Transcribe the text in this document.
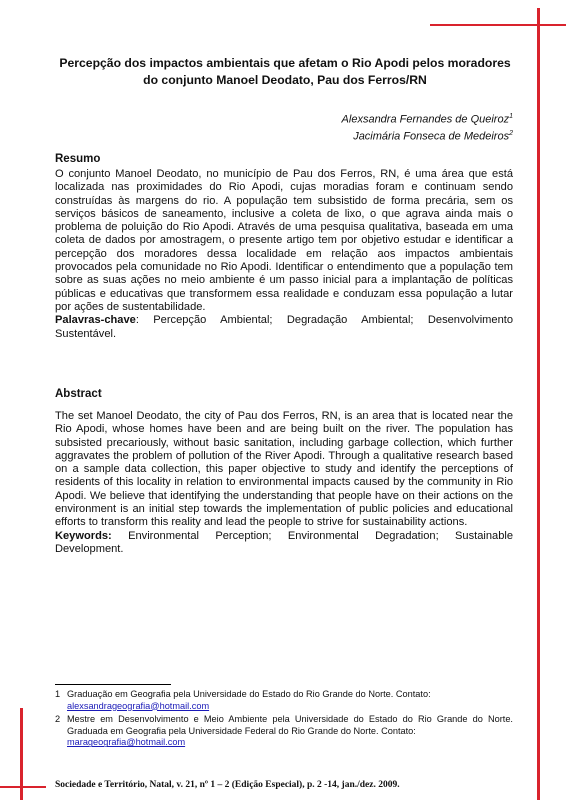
Percepção dos impactos ambientais que afetam o Rio Apodi pelos moradores do conjunto Manoel Deodato, Pau dos Ferros/RN
Alexsandra Fernandes de Queiroz$^1$
Jacimária Fonseca de Medeiros$^2$
Resumo
O conjunto Manoel Deodato, no município de Pau dos Ferros, RN, é uma área que está localizada nas proximidades do Rio Apodi, cujas moradias foram e continuam sendo construídas às margens do rio. A população tem subsistido de forma precária, sem os serviços básicos de saneamento, inclusive a coleta de lixo, o que agrava ainda mais o problema de poluição do Rio Apodi. Através de uma pesquisa qualitativa, baseada em uma coleta de dados por amostragem, o presente artigo tem por objetivo estudar e identificar a percepção dos moradores dessa localidade em relação aos impactos ambientais provocados pela comunidade no Rio Apodi. Identificar o entendimento que a população tem sobre as suas ações no meio ambiente é um passo inicial para a implantação de políticas públicas e educativas que transformem essa realidade e conduzam essa população a lutar por ações de sustentabilidade.
Palavras-chave: Percepção Ambiental; Degradação Ambiental; Desenvolvimento Sustentável.
Abstract
The set Manoel Deodato, the city of Pau dos Ferros, RN, is an area that is located near the Rio Apodi, whose homes have been and are being built on the river. The population has subsisted precariously, without basic sanitation, including garbage collection, which further aggravates the problem of pollution of the River Apodi. Through a qualitative research based on a sample data collection, this paper objective to study and identify the perceptions of residents of this locality in relation to environmental impacts caused by the community in Rio Apodi. We believe that identifying the understanding that people have on their actions on the environment is an initial step towards the implementation of public policies and educational efforts to transform this reality and lead the people to strive for sustainability actions.
Keywords: Environmental Perception; Environmental Degradation; Sustainable Development.
1 Graduação em Geografia pela Universidade do Estado do Rio Grande do Norte. Contato:
alexsandrageografia@hotmail.com
2 Mestre em Desenvolvimento e Meio Ambiente pela Universidade do Estado do Rio Grande do Norte. Graduada em Geografia pela Universidade Federal do Rio Grande do Norte. Contato:
marageografia@hotmail.com
Sociedade e Território, Natal, v. 21, nº 1 – 2 (Edição Especial), p. 2 -14, jan./dez. 2009.
